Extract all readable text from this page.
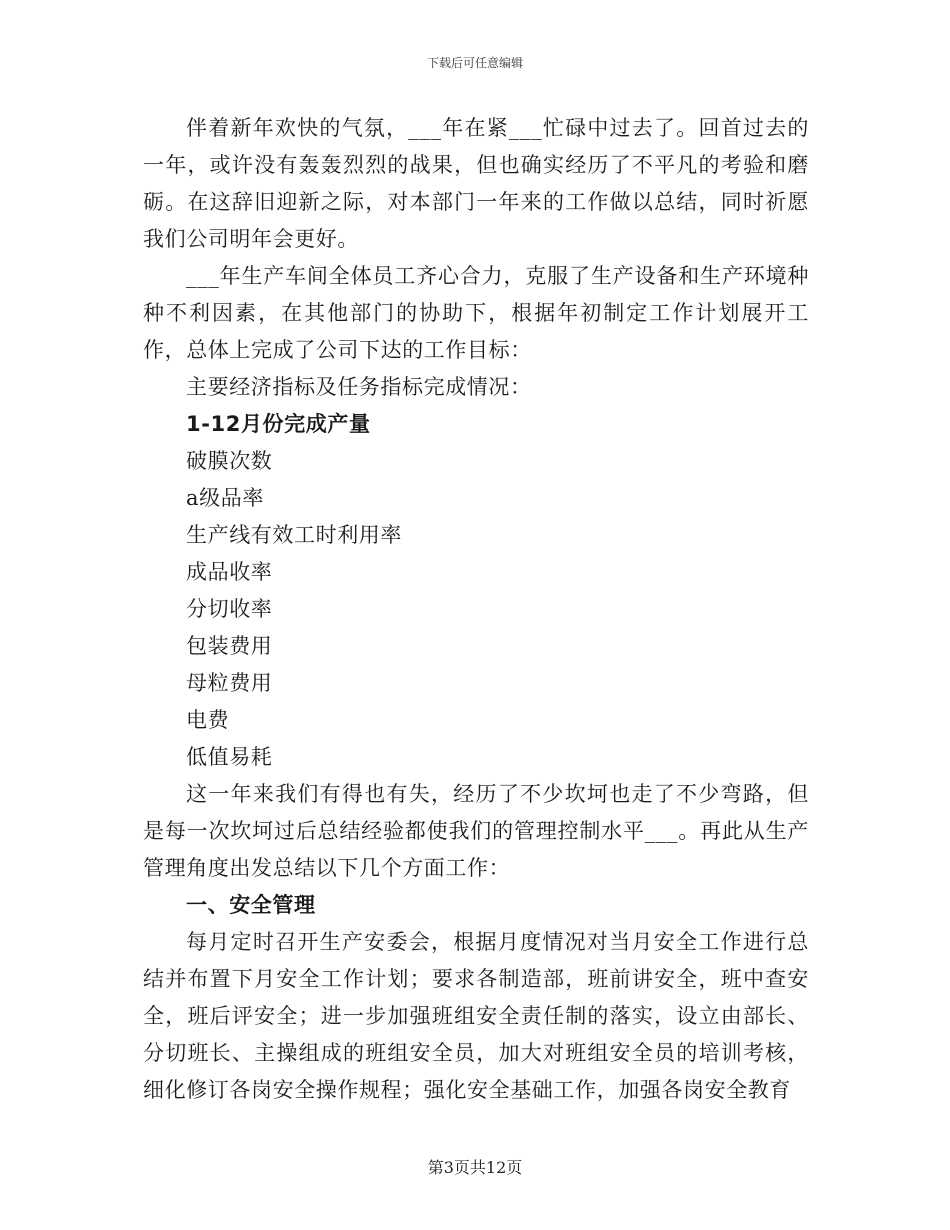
下载后可任意编辑

伴着新年欢快的气氛，___年在紧___忙碌中过去了。回首过去的一年，或许没有轰轰烈烈的战果，但也确实经历了不平凡的考验和磨砺。在这辞旧迎新之际，对本部门一年来的工作做以总结，同时祈愿我们公司明年会更好。

___年生产车间全体员工齐心合力，克服了生产设备和生产环境种种不利因素，在其他部门的协助下，根据年初制定工作计划展开工作，总体上完成了公司下达的工作目标：

主要经济指标及任务指标完成情况：

1-12月份完成产量

破膜次数

a级品率

生产线有效工时利用率

成品收率

分切收率

包装费用

母粒费用

电费

低值易耗

这一年来我们有得也有失，经历了不少坎坷也走了不少弯路，但是每一次坎坷过后总结经验都使我们的管理控制水平___。再此从生产管理角度出发总结以下几个方面工作：

一、安全管理

每月定时召开生产安委会，根据月度情况对当月安全工作进行总结并布置下月安全工作计划；要求各制造部，班前讲安全，班中查安全，班后评安全；进一步加强班组安全责任制的落实，设立由部长、分切班长、主操组成的班组安全员，加大对班组安全员的培训考核，细化修订各岗安全操作规程；强化安全基础工作，加强各岗安全教育

第3页共12页
